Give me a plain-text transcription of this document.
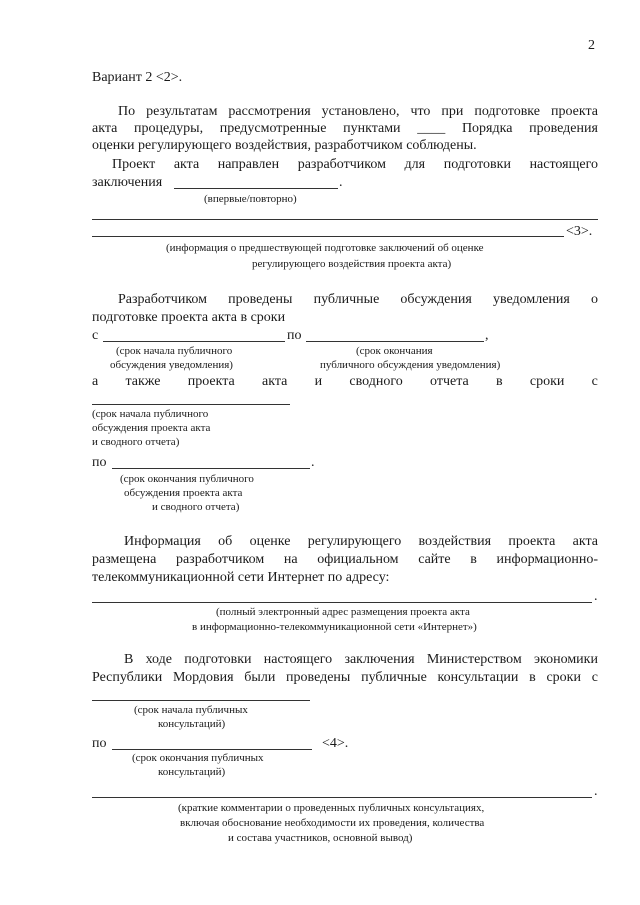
2
Вариант 2 <2>.
По результатам рассмотрения установлено, что при подготовке проекта
акта процедуры, предусмотренные пунктами ____ Порядка проведения
оценки регулирующего воздействия, разработчиком соблюдены.
Проект акта направлен разработчиком для подготовки настоящего
заключения	.
(впервые/повторно)
<3>.
(информация о предшествующей подготовке заключений об оценке
регулирующего воздействия проекта акта)
Разработчиком проведены публичные обсуждения уведомления о
подготовке проекта акта в сроки
с	по	,
(срок начала публичного
обсуждения уведомления)
(срок окончания
публичного обсуждения уведомления)
а также проекта акта и сводного отчета в сроки с
(срок начала публичного
обсуждения проекта акта
и сводного отчета)
по	.
(срок окончания публичного
обсуждения проекта акта
и сводного отчета)
Информация об оценке регулирующего воздействия проекта акта
размещена разработчиком на официальном сайте в информационно-
телекоммуникационной сети Интернет по адресу:
.
(полный электронный адрес размещения проекта акта
в информационно-телекоммуникационной сети «Интернет»)
В ходе подготовки настоящего заключения Министерством экономики
Республики Мордовия были проведены публичные консультации в сроки с
(срок начала публичных
консультаций)
по	<4>.
(срок окончания публичных
консультаций)
.
(краткие комментарии о проведенных публичных консультациях,
включая обоснование необходимости их проведения, количества
и состава участников, основной вывод)
